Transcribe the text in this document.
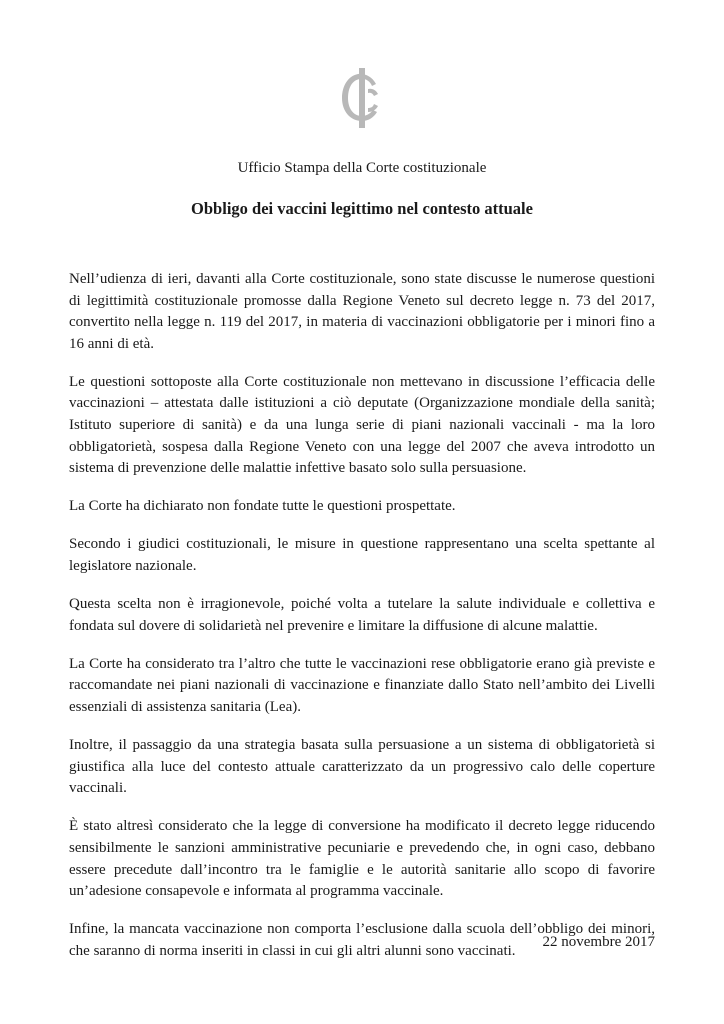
Ufficio Stampa della Corte costituzionale
Obbligo dei vaccini legittimo nel contesto attuale

Nell’udienza di ieri, davanti alla Corte costituzionale, sono state discusse le numerose questioni di legittimità costituzionale promosse dalla Regione Veneto sul decreto legge n. 73 del 2017, convertito nella legge n. 119 del 2017, in materia di vaccinazioni obbligatorie per i minori fino a 16 anni di età.

Le questioni sottoposte alla Corte costituzionale non mettevano in discussione l’efficacia delle vaccinazioni – attestata dalle istituzioni a ciò deputate (Organizzazione mondiale della sanità; Istituto superiore di sanità) e da una lunga serie di piani nazionali vaccinali - ma la loro obbligatorietà, sospesa dalla Regione Veneto con una legge del 2007 che aveva introdotto un sistema di prevenzione delle malattie infettive basato solo sulla persuasione.

La Corte ha dichiarato non fondate tutte le questioni prospettate.

Secondo i giudici costituzionali, le misure in questione rappresentano una scelta spettante al legislatore nazionale.

Questa scelta non è irragionevole, poiché volta a tutelare la salute individuale e collettiva e fondata sul dovere di solidarietà nel prevenire e limitare la diffusione di alcune malattie.

La Corte ha considerato tra l’altro che tutte le vaccinazioni rese obbligatorie erano già previste e raccomandate nei piani nazionali di vaccinazione e finanziate dallo Stato nell’ambito dei Livelli essenziali di assistenza sanitaria (Lea).

Inoltre, il passaggio da una strategia basata sulla persuasione a un sistema di obbligatorietà si giustifica alla luce del contesto attuale caratterizzato da un progressivo calo delle coperture vaccinali.

È stato altresì considerato che la legge di conversione ha modificato il decreto legge riducendo sensibilmente le sanzioni amministrative pecuniarie e prevedendo che, in ogni caso, debbano essere precedute dall’incontro tra le famiglie e le autorità sanitarie allo scopo di favorire un’adesione consapevole e informata al programma vaccinale.

Infine, la mancata vaccinazione non comporta l’esclusione dalla scuola dell’obbligo dei minori, che saranno di norma inseriti in classi in cui gli altri alunni sono vaccinati.

22 novembre 2017
